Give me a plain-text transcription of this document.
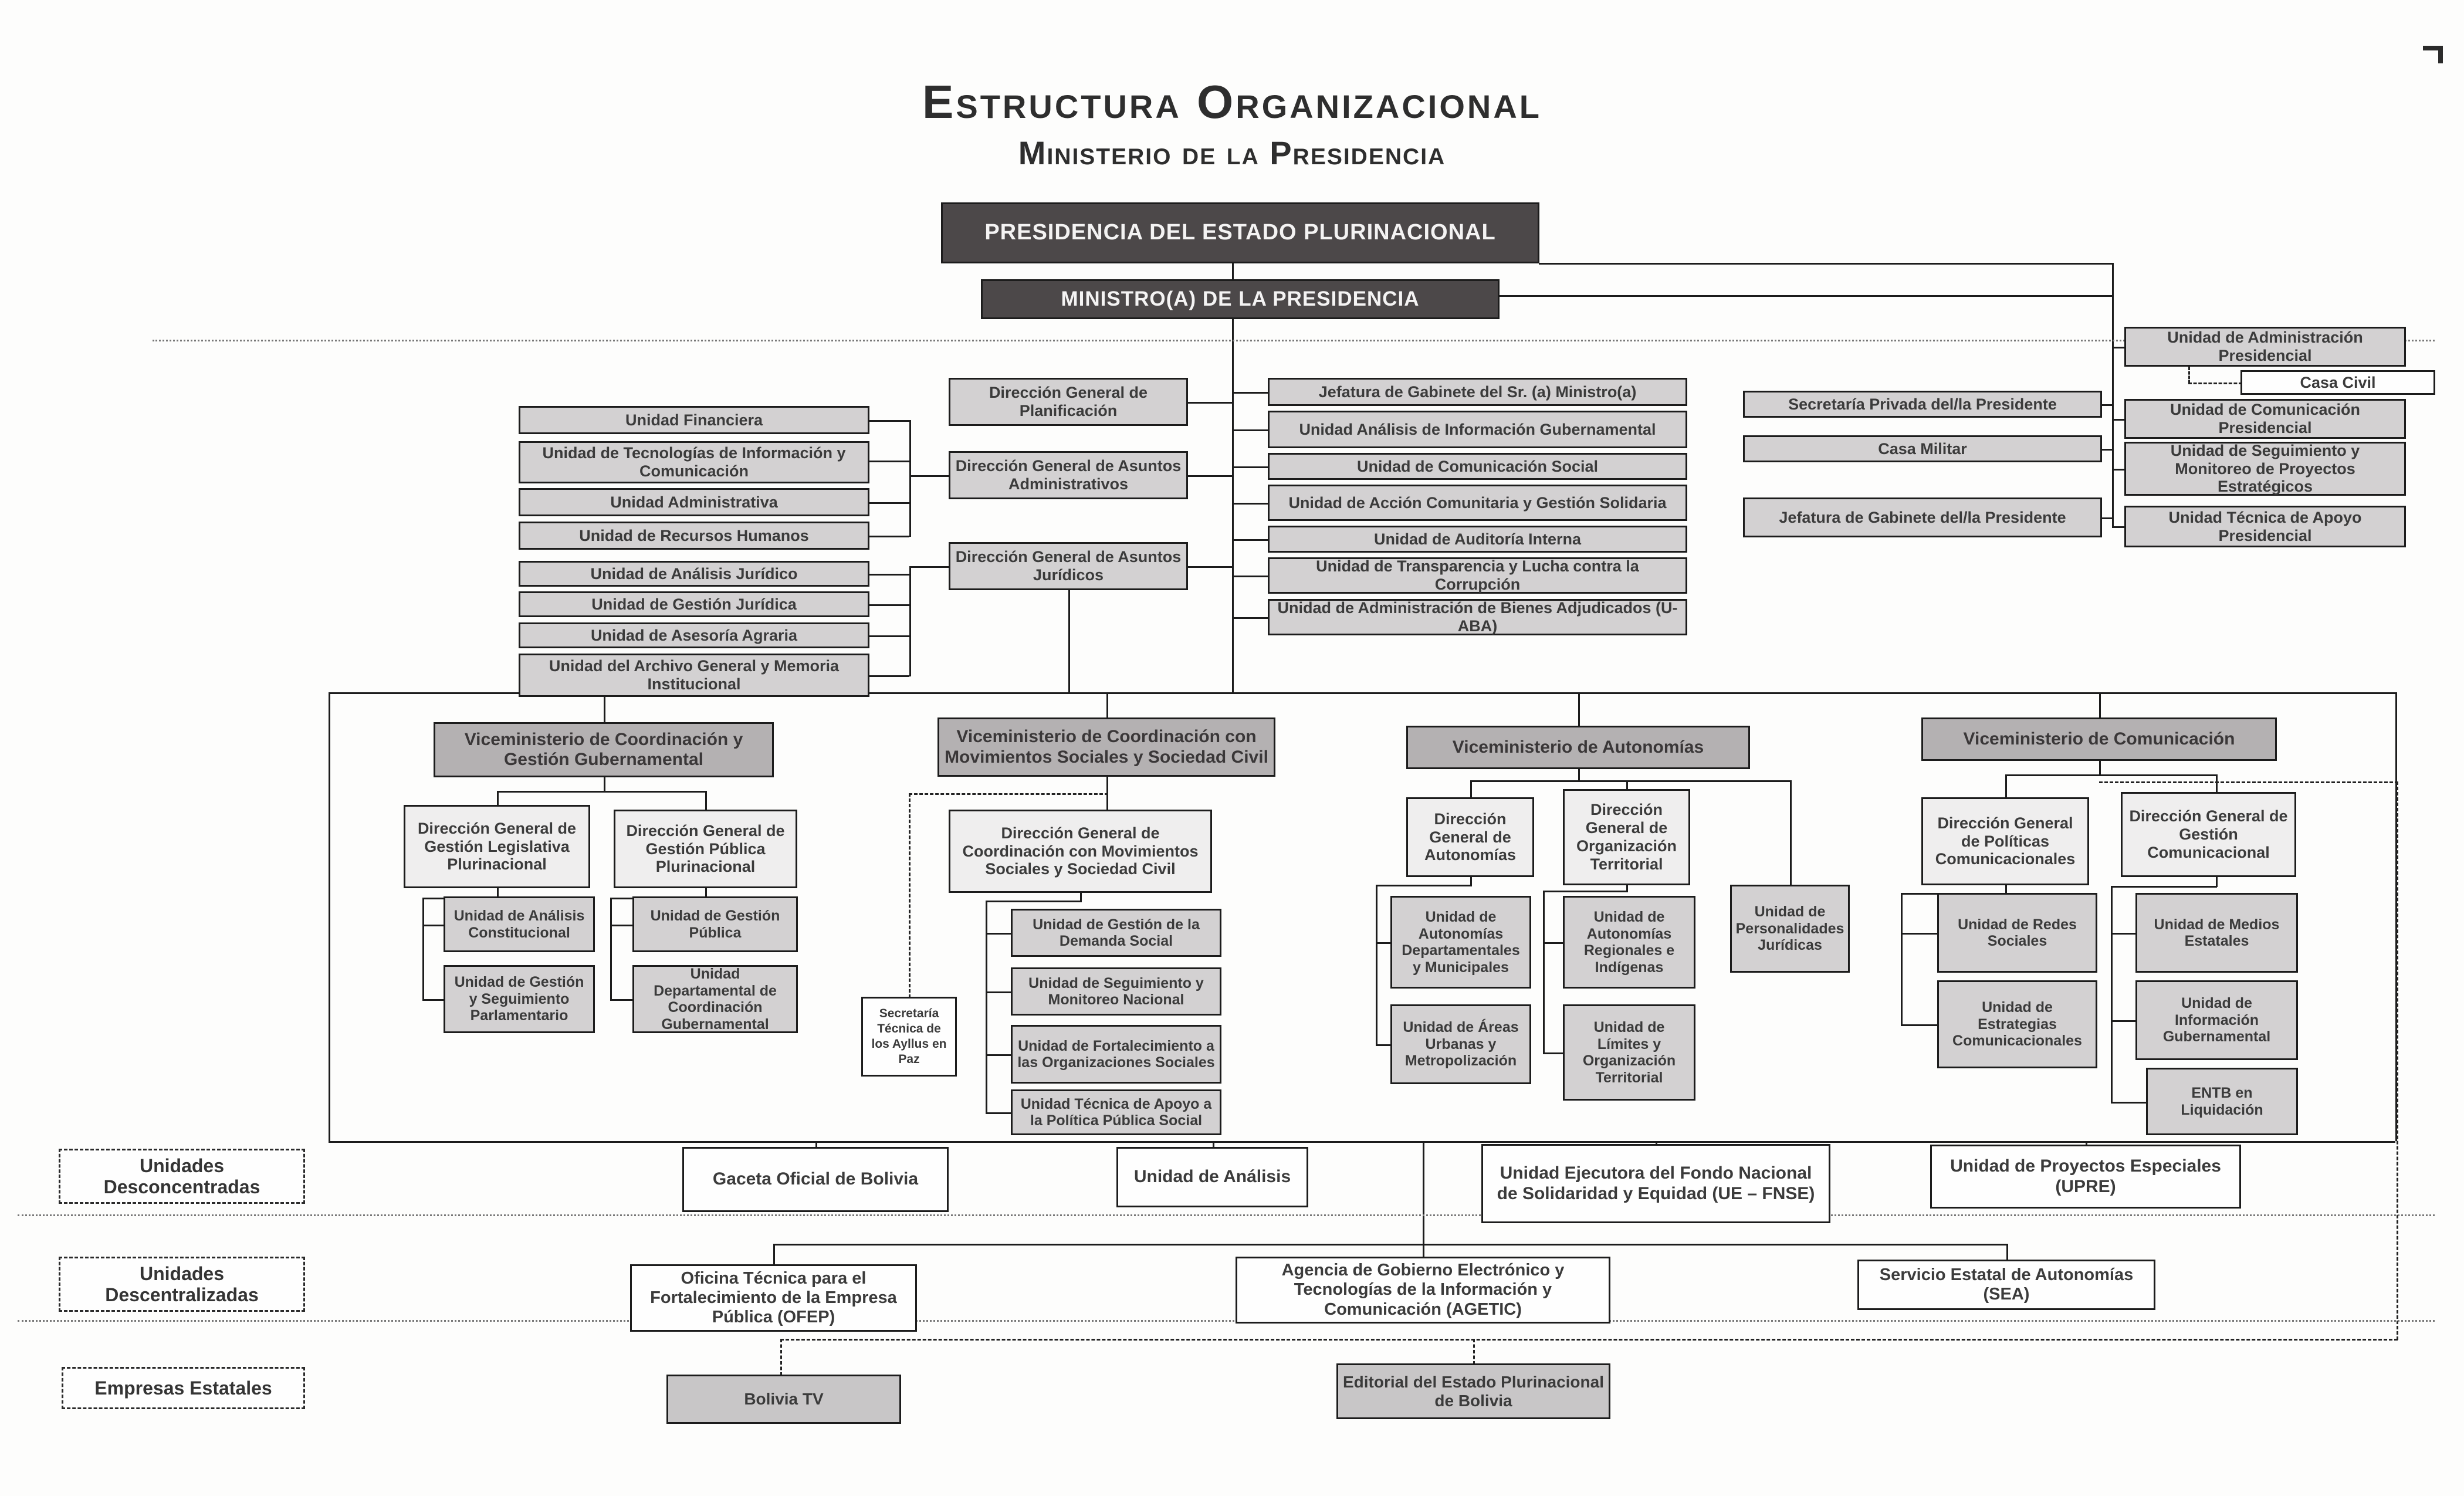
Estructura Organizacional
Ministerio de la Presidencia
PRESIDENCIA DEL ESTADO PLURINACIONAL
MINISTRO(A) DE LA PRESIDENCIA
Unidad Financiera
Unidad de Tecnologías de Información y Comunicación
Unidad Administrativa
Unidad de Recursos Humanos
Unidad de Análisis Jurídico
Unidad de Gestión Jurídica
Unidad de Asesoría Agraria
Unidad del Archivo General y Memoria Institucional
Dirección General de Planificación
Dirección General de Asuntos Administrativos
Dirección General de Asuntos Jurídicos
Jefatura de Gabinete del Sr. (a) Ministro(a)
Unidad Análisis de Información Gubernamental
Unidad de Comunicación Social
Unidad de Acción Comunitaria y Gestión Solidaria
Unidad de Auditoría Interna
Unidad de Transparencia y Lucha contra la Corrupción
Unidad de Administración de Bienes Adjudicados (U-ABA)
Secretaría Privada del/la Presidente
Casa Militar
Jefatura de Gabinete del/la Presidente
Unidad de Administración Presidencial
Casa Civil
Unidad de Comunicación Presidencial
Unidad de Seguimiento y Monitoreo de Proyectos Estratégicos
Unidad Técnica de Apoyo Presidencial
Viceministerio de Coordinación y Gestión Gubernamental
Viceministerio de Coordinación con Movimientos Sociales y Sociedad Civil
Viceministerio de Autonomías	Viceministerio de Comunicación
Dirección General de Gestión Legislativa Plurinacional
Dirección General de Gestión Pública Plurinacional
Unidad de Análisis Constitucional
Unidad de Gestión y Seguimiento Parlamentario
Unidad de Gestión Pública
Unidad Departamental de Coordinación Gubernamental
Dirección General de Coordinación con Movimientos Sociales y Sociedad Civil
Unidad de Gestión de la Demanda Social
Unidad de Seguimiento y Monitoreo Nacional
Unidad de Fortalecimiento a las Organizaciones Sociales
Unidad Técnica de Apoyo a la Política Pública Social
Secretaría Técnica de los Ayllus en Paz
Dirección General de Autonomías
Dirección General de Organización Territorial
Unidad de Autonomías Departamentales y Municipales
Unidad de Áreas Urbanas y Metropolización
Unidad de Autonomías Regionales e Indígenas
Unidad de Límites y Organización Territorial
Unidad de Personalidades Jurídicas
Dirección General de Políticas Comunicacionales
Dirección General de Gestión Comunicacional
Unidad de Redes Sociales
Unidad de Estrategias Comunicacionales
Unidad de Medios Estatales
Unidad de Información Gubernamental
ENTB en Liquidación
Unidades Desconcentradas	Gaceta Oficial de Bolivia	Unidad de Análisis	Unidad Ejecutora del Fondo Nacional de Solidaridad y Equidad (UE – FNSE)
Unidad de Proyectos Especiales (UPRE)
Unidades Descentralizadas
Oficina Técnica para el Fortalecimiento de la Empresa Pública (OFEP)
Agencia de Gobierno Electrónico y Tecnologías de la Información y Comunicación (AGETIC)
Servicio Estatal de Autonomías (SEA)
Empresas Estatales
Bolivia TV
Editorial del Estado Plurinacional de Bolivia
